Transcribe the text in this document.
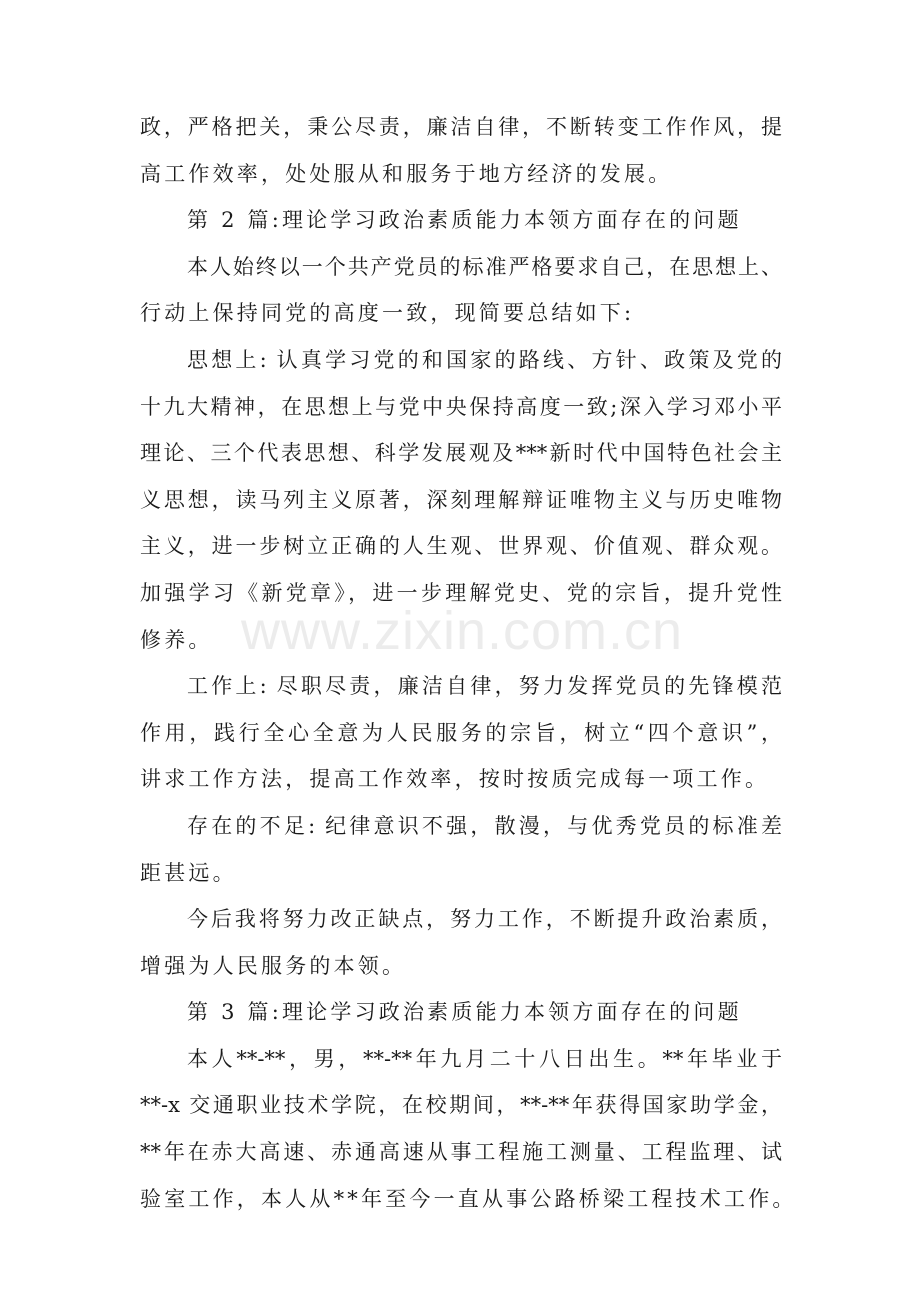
www.zixin.com.cn
政，严格把关，秉公尽责，廉洁自律，不断转变工作作风，提
高工作效率，处处服从和服务于地方经济的发展。
第 2 篇:理论学习政治素质能力本领方面存在的问题
本人始终以一个共产党员的标准严格要求自己，在思想上、
行动上保持同党的高度一致，现简要总结如下:
思想上: 认真学习党的和国家的路线、方针、政策及党的
十九大精神，在思想上与党中央保持高度一致;深入学习邓小平
理论、三个代表思想、科学发展观及***新时代中国特色社会主
义思想，读马列主义原著，深刻理解辩证唯物主义与历史唯物
主义，进一步树立正确的人生观、世界观、价值观、群众观。
加强学习《新党章》，进一步理解党史、党的宗旨，提升党性
修养。
工作上: 尽职尽责，廉洁自律，努力发挥党员的先锋模范
作用，践行全心全意为人民服务的宗旨，树立“四个意识”，
讲求工作方法，提高工作效率，按时按质完成每一项工作。
存在的不足: 纪律意识不强，散漫，与优秀党员的标准差
距甚远。
今后我将努力改正缺点，努力工作，不断提升政治素质，
增强为人民服务的本领。
第 3 篇:理论学习政治素质能力本领方面存在的问题
本人**-**，男，**-**年九月二十八日出生。**年毕业于
**-x 交通职业技术学院，在校期间，**-**年获得国家助学金，
**年在赤大高速、赤通高速从事工程施工测量、工程监理、试
验室工作，本人从**年至今一直从事公路桥梁工程技术工作。
